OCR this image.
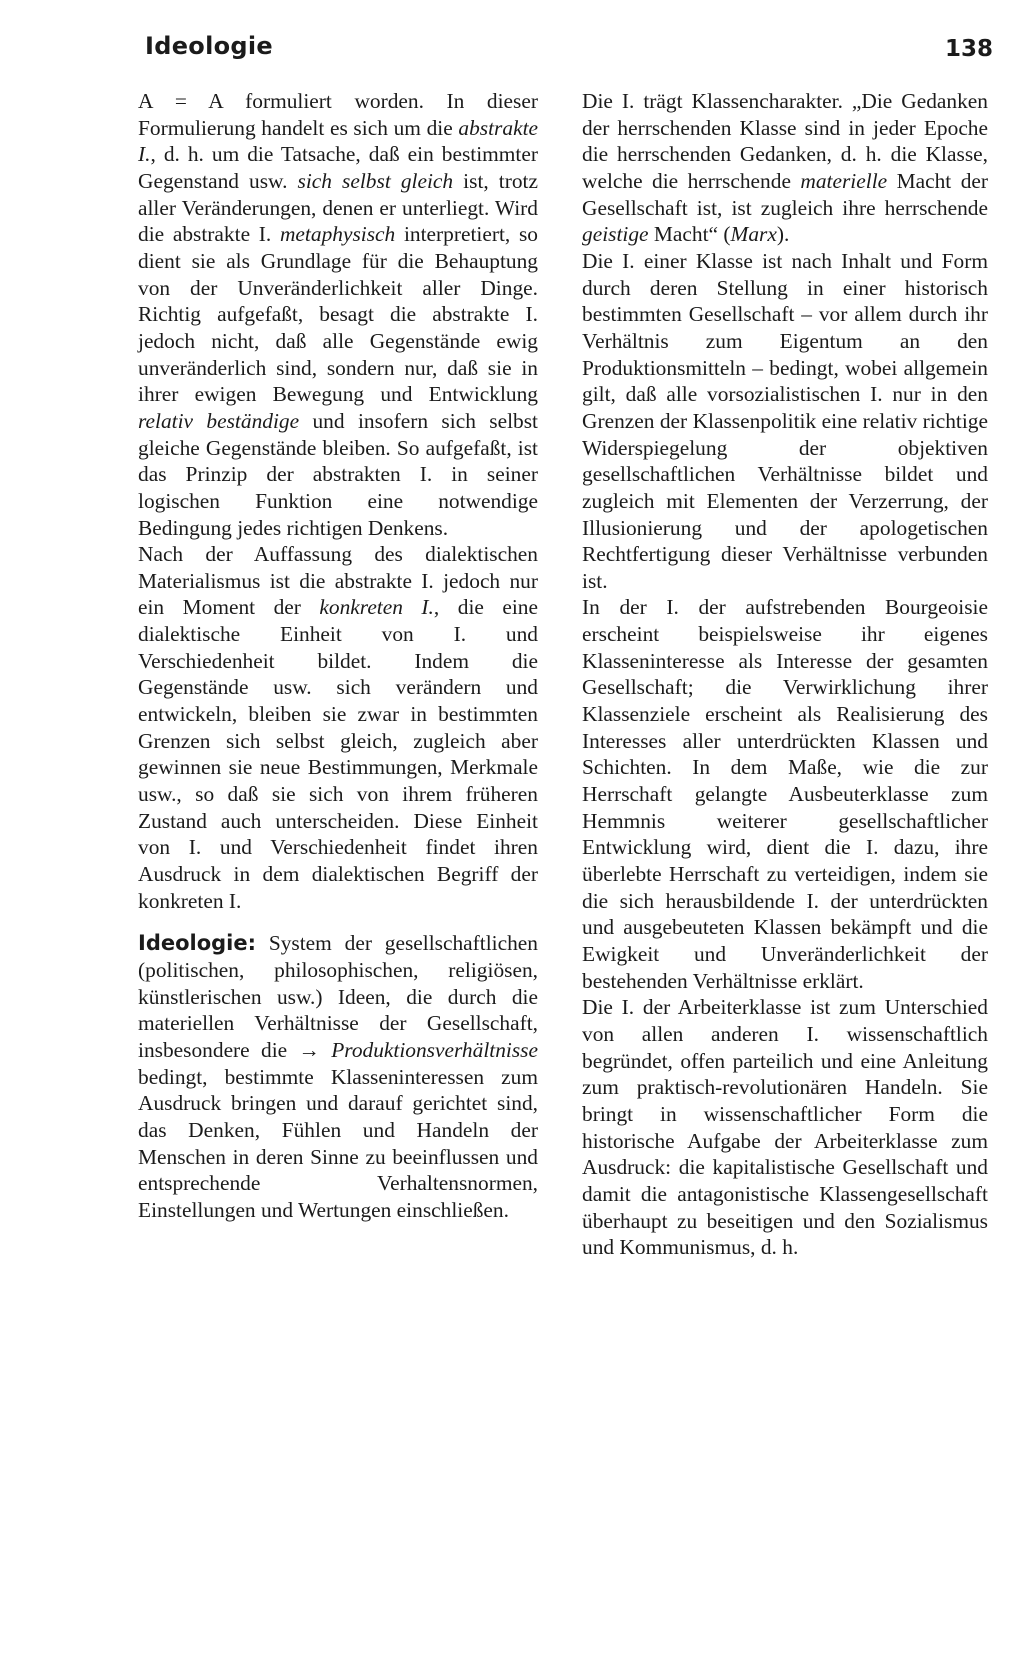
Ideologie	138

A = A formuliert worden. In dieser Formulierung handelt es sich um die abstrakte I., d. h. um die Tatsache, daß ein bestimmter Gegenstand usw. sich selbst gleich ist, trotz aller Veränderungen, denen er unterliegt. Wird die abstrakte I. metaphysisch interpretiert, so dient sie als Grundlage für die Behauptung von der Unveränderlichkeit aller Dinge. Richtig aufgefaßt, besagt die abstrakte I. jedoch nicht, daß alle Gegenstände ewig unveränderlich sind, sondern nur, daß sie in ihrer ewigen Bewegung und Entwicklung relativ beständige und insofern sich selbst gleiche Gegenstände bleiben. So aufgefaßt, ist das Prinzip der abstrakten I. in seiner logischen Funktion eine notwendige Bedingung jedes richtigen Denkens.

Nach der Auffassung des dialektischen Materialismus ist die abstrakte I. jedoch nur ein Moment der konkreten I., die eine dialektische Einheit von I. und Verschiedenheit bildet. Indem die Gegenstände usw. sich verändern und entwickeln, bleiben sie zwar in bestimmten Grenzen sich selbst gleich, zugleich aber gewinnen sie neue Bestimmungen, Merkmale usw., so daß sie sich von ihrem früheren Zustand auch unterscheiden. Diese Einheit von I. und Verschiedenheit findet ihren Ausdruck in dem dialektischen Begriff der konkreten I.

Ideologie: System der gesellschaftlichen (politischen, philosophischen, religiösen, künstlerischen usw.) Ideen, die durch die materiellen Verhältnisse der Gesellschaft, insbesondere die → Produktionsverhältnisse bedingt, bestimmte Klasseninteressen zum Ausdruck bringen und darauf gerichtet sind, das Denken, Fühlen und Handeln der Menschen in deren Sinne zu beeinflussen und entsprechende Verhaltensnormen, Einstellungen und Wertungen einschließen.

Die I. trägt Klassencharakter. „Die Gedanken der herrschenden Klasse sind in jeder Epoche die herrschenden Gedanken, d. h. die Klasse, welche die herrschende materielle Macht der Gesellschaft ist, ist zugleich ihre herrschende geistige Macht“ (Marx).

Die I. einer Klasse ist nach Inhalt und Form durch deren Stellung in einer historisch bestimmten Gesellschaft – vor allem durch ihr Verhältnis zum Eigentum an den Produktionsmitteln – bedingt, wobei allgemein gilt, daß alle vorsozialistischen I. nur in den Grenzen der Klassenpolitik eine relativ richtige Widerspiegelung der objektiven gesellschaftlichen Verhältnisse bildet und zugleich mit Elementen der Verzerrung, der Illusionierung und der apologetischen Rechtfertigung dieser Verhältnisse verbunden ist.

In der I. der aufstrebenden Bourgeoisie erscheint beispielsweise ihr eigenes Klasseninteresse als Interesse der gesamten Gesellschaft; die Verwirklichung ihrer Klassenziele erscheint als Realisierung des Interesses aller unterdrückten Klassen und Schichten. In dem Maße, wie die zur Herrschaft gelangte Ausbeuterklasse zum Hemmnis weiterer gesellschaftlicher Entwicklung wird, dient die I. dazu, ihre überlebte Herrschaft zu verteidigen, indem sie die sich herausbildende I. der unterdrückten und ausgebeuteten Klassen bekämpft und die Ewigkeit und Unveränderlichkeit der bestehenden Verhältnisse erklärt.

Die I. der Arbeiterklasse ist zum Unterschied von allen anderen I. wissenschaftlich begründet, offen parteilich und eine Anleitung zum praktisch-revolutionären Handeln. Sie bringt in wissenschaftlicher Form die historische Aufgabe der Arbeiterklasse zum Ausdruck: die kapitalistische Gesellschaft und damit die antagonistische Klassengesellschaft überhaupt zu beseitigen und den Sozialismus und Kommunismus, d. h.
